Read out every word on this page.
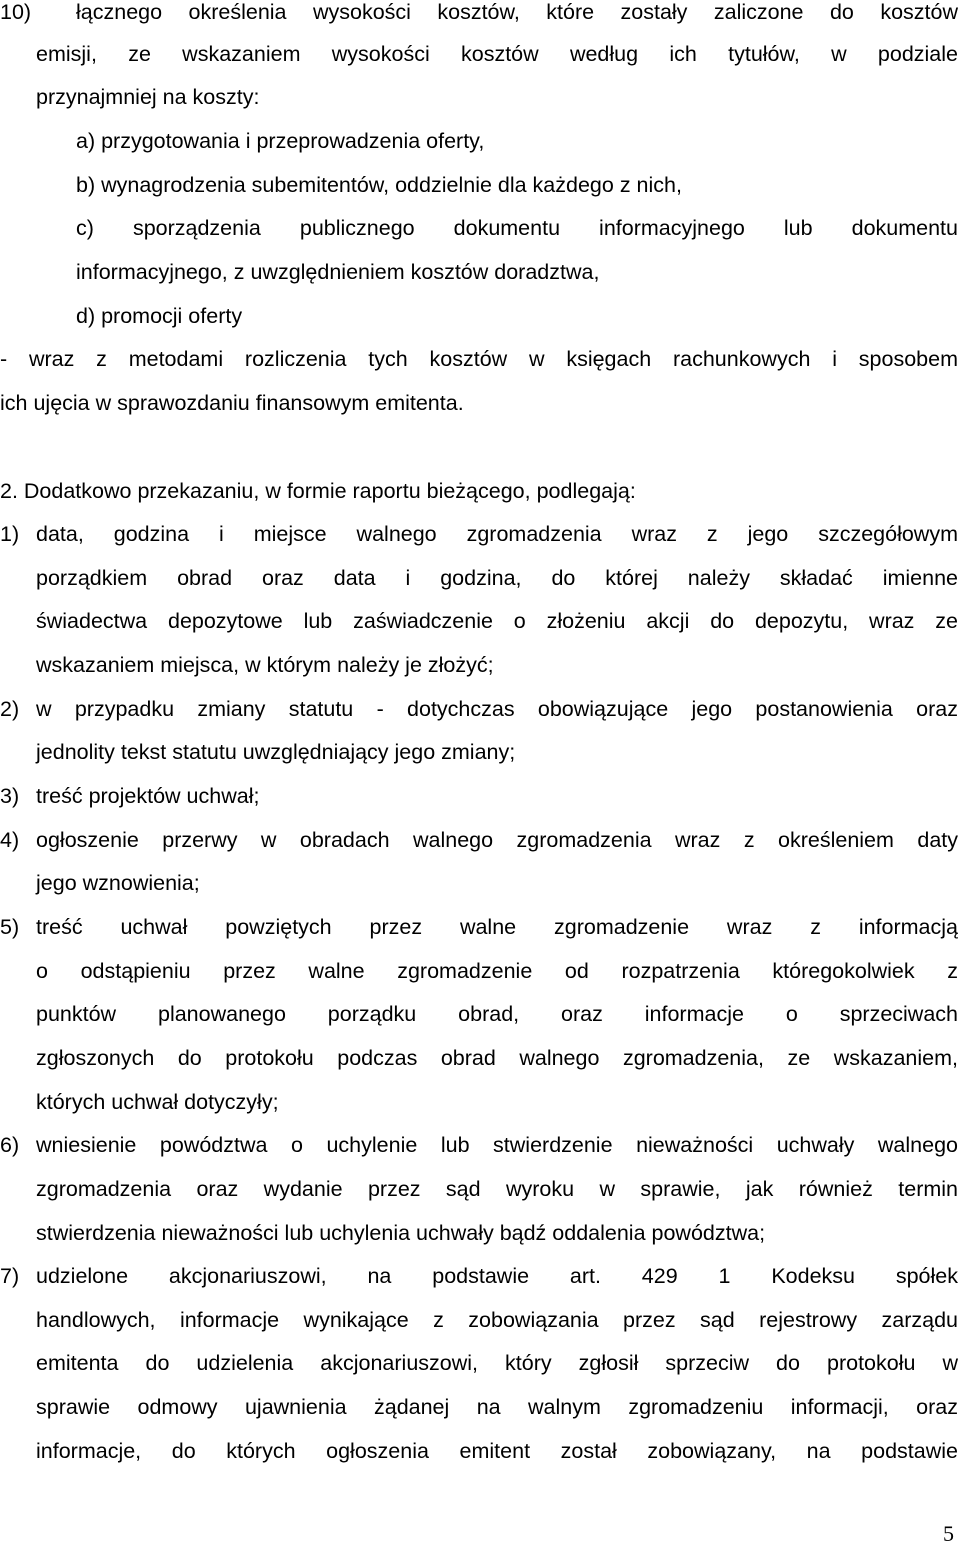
10) łącznego określenia wysokości kosztów, które zostały zaliczone do kosztów
emisji, ze wskazaniem wysokości kosztów według ich tytułów, w podziale
przynajmniej na koszty:
a) przygotowania i przeprowadzenia oferty,
b) wynagrodzenia subemitentów, oddzielnie dla każdego z nich,
c) sporządzenia publicznego dokumentu informacyjnego lub dokumentu
informacyjnego, z uwzględnieniem kosztów doradztwa,
d) promocji oferty
- wraz z metodami rozliczenia tych kosztów w księgach rachunkowych i sposobem
ich ujęcia w sprawozdaniu finansowym emitenta.
2. Dodatkowo przekazaniu, w formie raportu bieżącego, podlegają:
1) data, godzina i miejsce walnego zgromadzenia wraz z jego szczegółowym
porządkiem obrad oraz data i godzina, do której należy składać imienne
świadectwa depozytowe lub zaświadczenie o złożeniu akcji do depozytu, wraz ze
wskazaniem miejsca, w którym należy je złożyć;
2) w przypadku zmiany statutu - dotychczas obowiązujące jego postanowienia oraz
jednolity tekst statutu uwzględniający jego zmiany;
3) treść projektów uchwał;
4) ogłoszenie przerwy w obradach walnego zgromadzenia wraz z określeniem daty
jego wznowienia;
5) treść uchwał powziętych przez walne zgromadzenie wraz z informacją
o odstąpieniu przez walne zgromadzenie od rozpatrzenia któregokolwiek z
punktów planowanego porządku obrad, oraz informacje o sprzeciwach
zgłoszonych do protokołu podczas obrad walnego zgromadzenia, ze wskazaniem,
których uchwał dotyczyły;
6) wniesienie powództwa o uchylenie lub stwierdzenie nieważności uchwały walnego
zgromadzenia oraz wydanie przez sąd wyroku w sprawie, jak również termin
stwierdzenia nieważności lub uchylenia uchwały bądź oddalenia powództwa;
7) udzielone akcjonariuszowi, na podstawie art. 429 1 Kodeksu spółek
handlowych, informacje wynikające z zobowiązania przez sąd rejestrowy zarządu
emitenta do udzielenia akcjonariuszowi, który zgłosił sprzeciw do protokołu w
sprawie odmowy ujawnienia żądanej na walnym zgromadzeniu informacji, oraz
informacje, do których ogłoszenia emitent został zobowiązany, na podstawie
5
